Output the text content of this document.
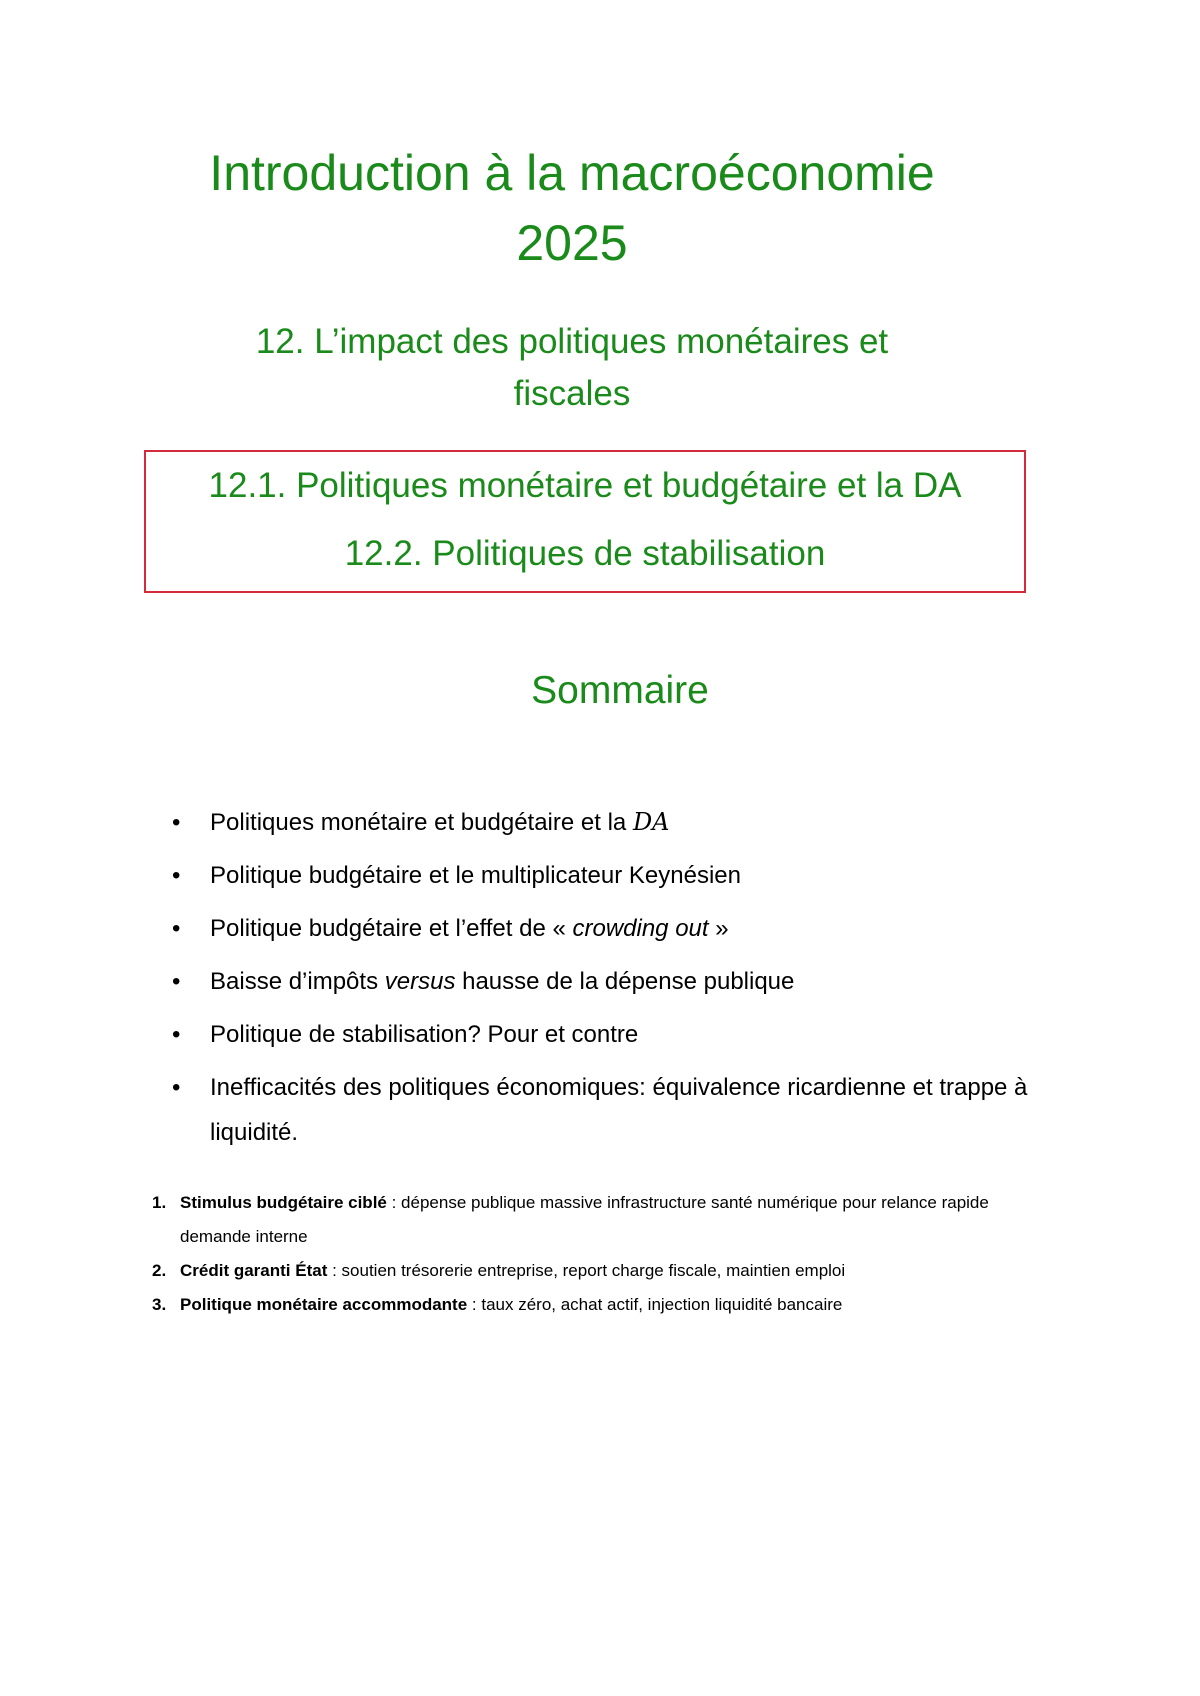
Introduction à la macroéconomie
2025
12. L’impact des politiques monétaires et
fiscales
12.1. Politiques monétaire et budgétaire et la DA
12.2. Politiques de stabilisation
Sommaire
• Politiques monétaire et budgétaire et la DA
• Politique budgétaire et le multiplicateur Keynésien
• Politique budgétaire et l’effet de « crowding out »
• Baisse d’impôts versus hausse de la dépense publique
• Politique de stabilisation? Pour et contre
• Inefficacités des politiques économiques: équivalence ricardienne et trappe à liquidité.
1. Stimulus budgétaire ciblé : dépense publique massive infrastructure santé numérique pour relance rapide demande interne
2. Crédit garanti État : soutien trésorerie entreprise, report charge fiscale, maintien emploi
3. Politique monétaire accommodante : taux zéro, achat actif, injection liquidité bancaire
